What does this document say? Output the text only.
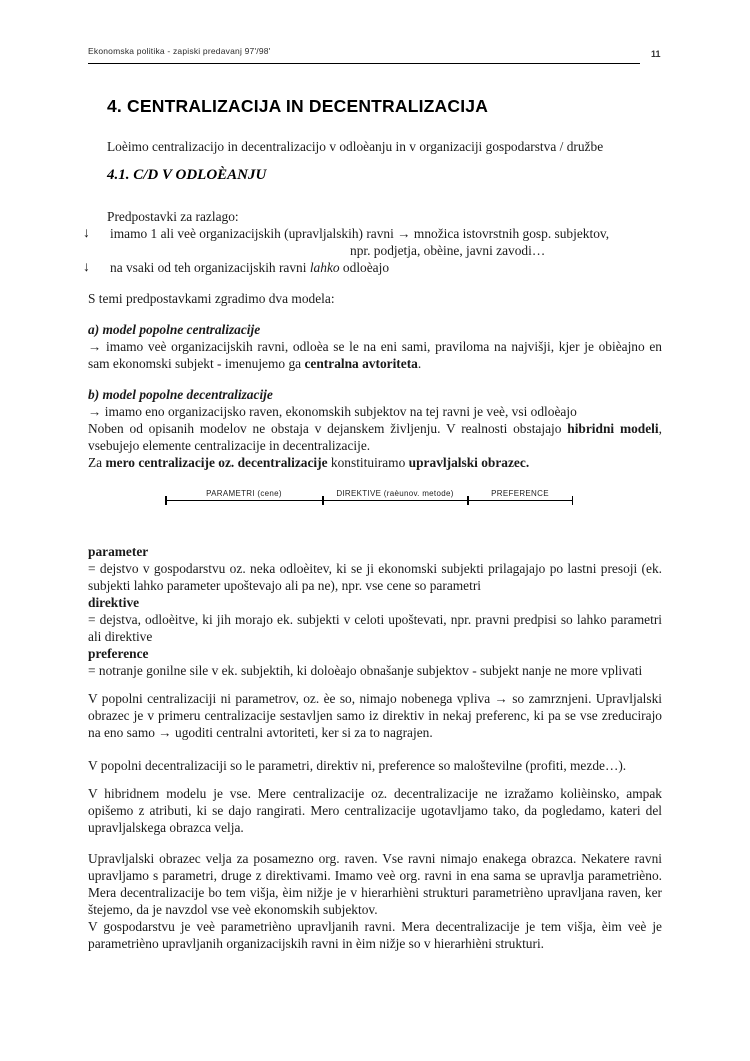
Ekonomska politika - zapiski predavanj 97'/98'	11
4. CENTRALIZACIJA IN DECENTRALIZACIJA

Loèimo centralizacijo in decentralizacijo v odloèanju in v organizaciji gospodarstva / družbe

4.1. C/D V ODLOÈANJU

Predpostavki za razlago:

↓	imamo 1 ali veè organizacijskih (upravljalskih) ravni → množica istovrstnih gosp. subjektov,
npr. podjetja, obèine, javni zavodi…
↓	na vsaki od teh organizacijskih ravni lahko odloèajo

S temi predpostavkami zgradimo dva modela:

a) model popolne centralizacije
→ imamo veè organizacijskih ravni, odloèa se le na eni sami, praviloma na najvišji, kjer je obièajno en sam ekonomski subjekt - imenujemo ga centralna avtoriteta.
b) model popolne decentralizacije
→ imamo eno organizacijsko raven, ekonomskih subjektov na tej ravni je veè, vsi odloèajo
Noben od opisanih modelov ne obstaja v dejanskem življenju. V realnosti obstajajo hibridni modeli, vsebujejo elemente centralizacije in decentralizacije.
Za mero centralizacije oz. decentralizacije konstituiramo upravljalski obrazec.
PARAMETRI (cene)	DIREKTIVE (raèunov. metode)	PREFERENCE
parameter
= dejstvo v gospodarstvu oz. neka odloèitev, ki se ji ekonomski subjekti prilagajajo po lastni presoji (ek. subjekti lahko parameter upoštevajo ali pa ne), npr. vse cene so parametri
direktive
= dejstva, odloèitve, ki jih morajo ek. subjekti v celoti upoštevati, npr. pravni predpisi so lahko parametri ali direktive
preference
= notranje gonilne sile v ek. subjektih, ki doloèajo obnašanje subjektov - subjekt nanje ne more vplivati

V popolni centralizaciji ni parametrov, oz. èe so, nimajo nobenega vpliva → so zamrznjeni. Upravljalski obrazec je v primeru centralizacije sestavljen samo iz direktiv in nekaj preferenc, ki pa se vse zreducirajo na eno samo → ugoditi centralni avtoriteti, ker si za to nagrajen.

V popolni decentralizaciji so le parametri, direktiv ni, preference so maloštevilne (profiti, mezde…).

V hibridnem modelu je vse. Mere centralizacije oz. decentralizacije ne izražamo kolièinsko, ampak opišemo z atributi, ki se dajo rangirati. Mero centralizacije ugotavljamo tako, da pogledamo, kateri del upravljalskega obrazca velja.

Upravljalski obrazec velja za posamezno org. raven. Vse ravni nimajo enakega obrazca. Nekatere ravni upravljamo s parametri, druge z direktivami. Imamo veè org. ravni in ena sama se upravlja parametrièno. Mera decentralizacije bo tem višja, èim nižje je v hierarhièni strukturi parametrièno upravljana raven, ker štejemo, da je navzdol vse veè ekonomskih subjektov.
V gospodarstvu je veè parametrièno upravljanih ravni. Mera decentralizacije je tem višja, èim veè je parametrièno upravljanih organizacijskih ravni in èim nižje so v hierarhièni strukturi.
